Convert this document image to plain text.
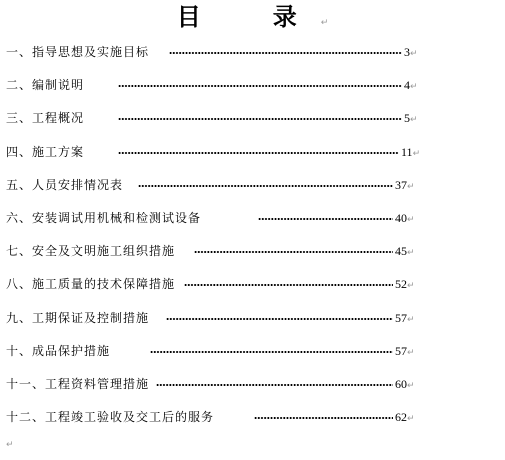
目　录↵
一、指导思想及实施目标	3↵
二、编制说明	4↵
三、工程概况	5↵
四、施工方案	11↵
五、人员安排情况表	37↵
六、安装调试用机械和检测试设备	40↵
七、安全及文明施工组织措施	45↵
八、施工质量的技术保障措施	52↵
九、工期保证及控制措施	57↵
十、成品保护措施	57↵
十一、工程资料管理措施	60↵
十二、工程竣工验收及交工后的服务	62↵
↵
